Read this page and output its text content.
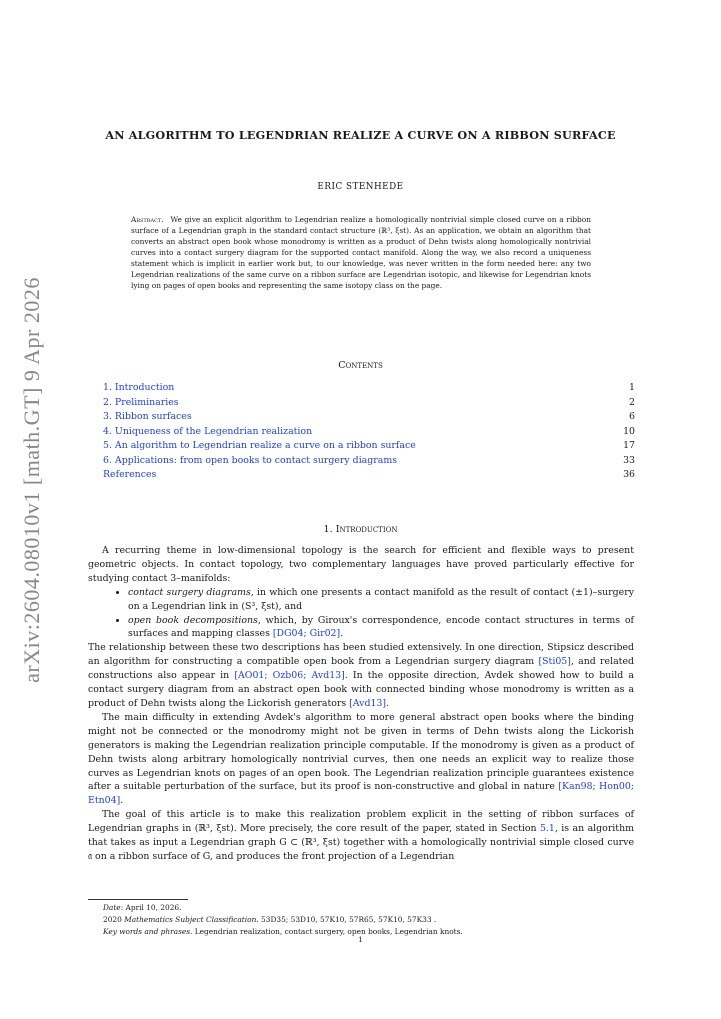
arXiv:2604.08010v1 [math.GT] 9 Apr 2026
AN ALGORITHM TO LEGENDRIAN REALIZE A CURVE ON A RIBBON SURFACE
ERIC STENHEDE
Abstract. We give an explicit algorithm to Legendrian realize a homologically nontrivial simple closed curve on a ribbon surface of a Legendrian graph in the standard contact structure (ℝ³, ξst). As an application, we obtain an algorithm that converts an abstract open book whose monodromy is written as a product of Dehn twists along homologically nontrivial curves into a contact surgery diagram for the supported contact manifold. Along the way, we also record a uniqueness statement which is implicit in earlier work but, to our knowledge, was never written in the form needed here: any two Legendrian realizations of the same curve on a ribbon surface are Legendrian isotopic, and likewise for Legendrian knots lying on pages of open books and representing the same isotopy class on the page.
Contents
1. Introduction	1
2. Preliminaries	2
3. Ribbon surfaces	6
4. Uniqueness of the Legendrian realization	10
5. An algorithm to Legendrian realize a curve on a ribbon surface	17
6. Applications: from open books to contact surgery diagrams	33
References	36
1. Introduction

A recurring theme in low-dimensional topology is the search for efficient and flexible ways to present geometric objects. In contact topology, two complementary languages have proved particularly effective for studying contact 3–manifolds:

• contact surgery diagrams, in which one presents a contact manifold as the result of contact (±1)–surgery on a Legendrian link in (S³, ξst), and
• open book decompositions, which, by Giroux's correspondence, encode contact structures in terms of surfaces and mapping classes [DG04; Gir02].

The relationship between these two descriptions has been studied extensively. In one direction, Stipsicz described an algorithm for constructing a compatible open book from a Legendrian surgery diagram [Sti05], and related constructions also appear in [AO01; Ozb06; Avd13]. In the opposite direction, Avdek showed how to build a contact surgery diagram from an abstract open book with connected binding whose monodromy is written as a product of Dehn twists along the Lickorish generators [Avd13].

The main difficulty in extending Avdek's algorithm to more general abstract open books where the binding might not be connected or the monodromy might not be given in terms of Dehn twists along the Lickorish generators is making the Legendrian realization principle computable. If the monodromy is given as a product of Dehn twists along arbitrary homologically nontrivial curves, then one needs an explicit way to realize those curves as Legendrian knots on pages of an open book. The Legendrian realization principle guarantees existence after a suitable perturbation of the surface, but its proof is non-constructive and global in nature [Kan98; Hon00; Etn04].

The goal of this article is to make this realization problem explicit in the setting of ribbon surfaces of Legendrian graphs in (ℝ³, ξst). More precisely, the core result of the paper, stated in Section 5.1, is an algorithm that takes as input a Legendrian graph G ⊂ (ℝ³, ξst) together with a homologically nontrivial simple closed curve 𝔞 on a ribbon surface of G, and produces the front projection of a Legendrian

Date: April 10, 2026.
2020 Mathematics Subject Classification. 53D35; 53D10, 57K10, 57R65, 57K10, 57K33 .
Key words and phrases. Legendrian realization, contact surgery, open books, Legendrian knots.
1
